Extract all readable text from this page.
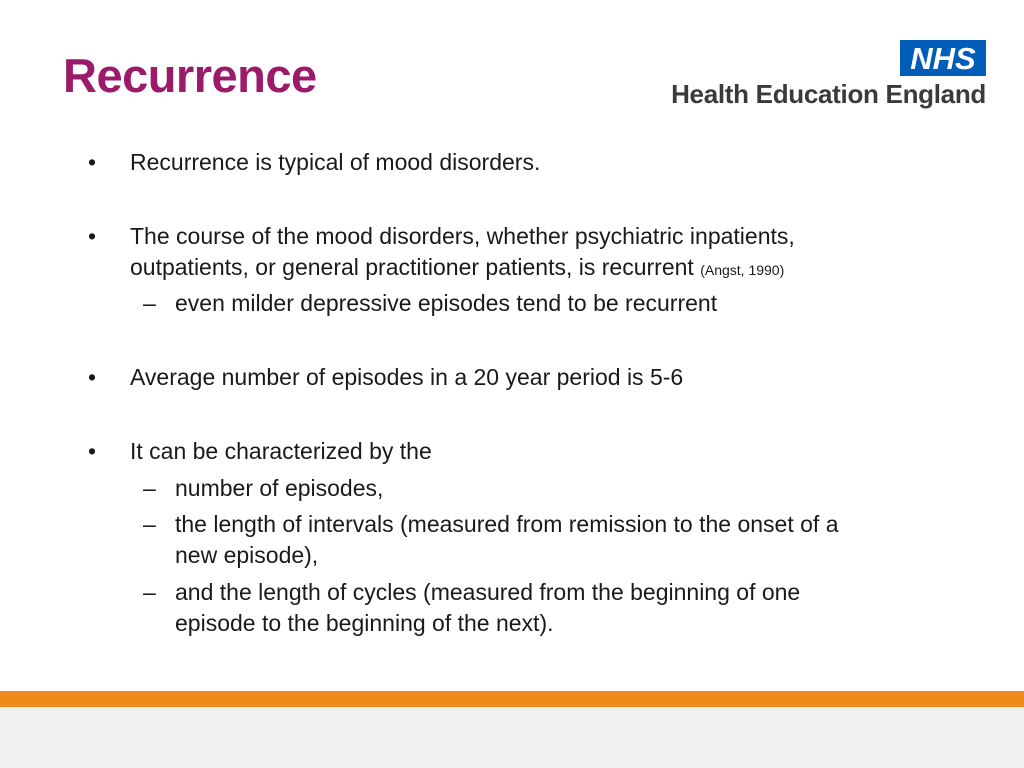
Recurrence	NHS

Health Education England

• Recurrence is typical of mood disorders.

• The course of the mood disorders, whether psychiatric inpatients,

outpatients, or general practitioner patients, is recurrent (Angst, 1990)

– even milder depressive episodes tend to be recurrent

• Average number of episodes in a 20 year period is 5-6

• It can be characterized by the

– number of episodes,

– the length of intervals (measured from remission to the onset of a

new episode),

– and the length of cycles (measured from the beginning of one

episode to the beginning of the next).
